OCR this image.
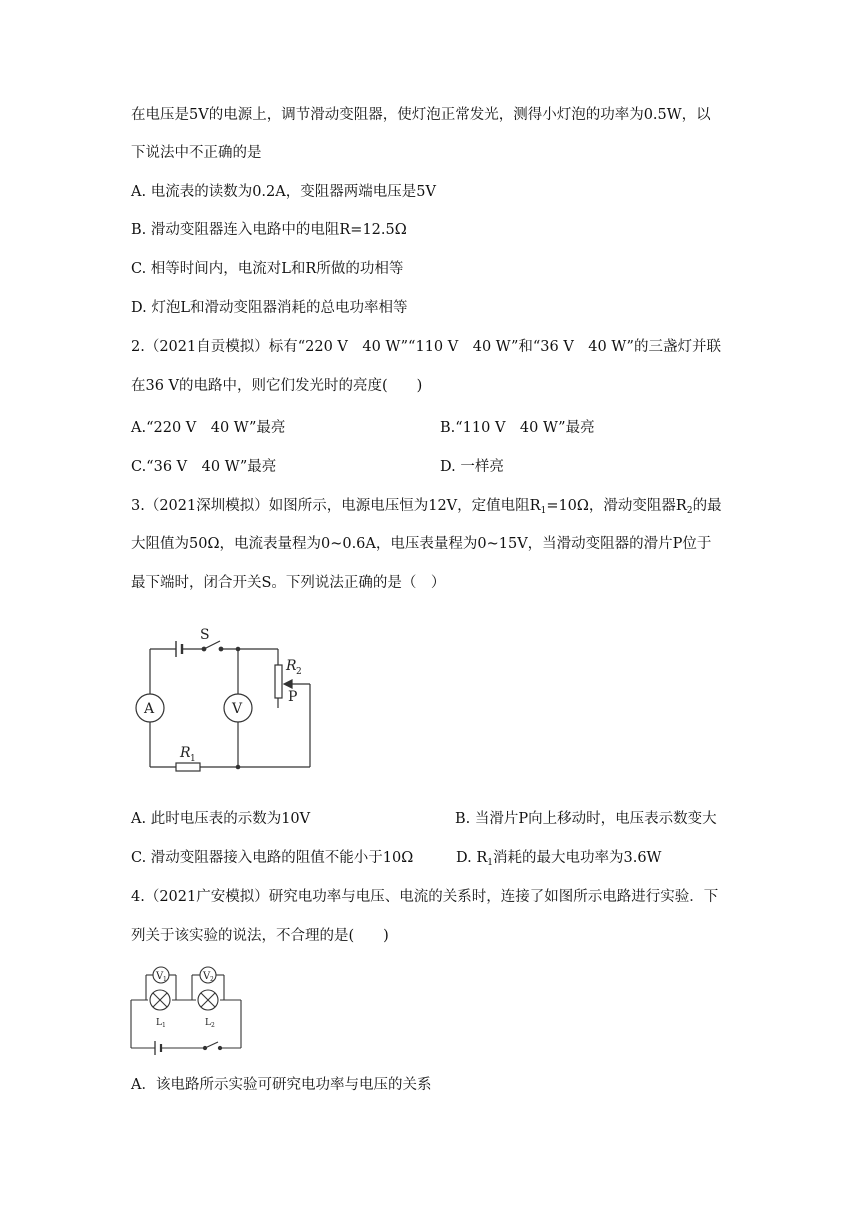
在电压是5V的电源上，调节滑动变阻器，使灯泡正常发光，测得小灯泡的功率为0.5W，以
下说法中不正确的是
A. 电流表的读数为0.2A，变阻器两端电压是5V
B. 滑动变阻器连入电路中的电阻R=12.5Ω
C. 相等时间内，电流对L和R所做的功相等
D. 灯泡L和滑动变阻器消耗的总电功率相等
2.（2021自贡模拟）标有“220 V　40 W”“110 V　40 W”和“36 V　40 W”的三盏灯并联
在36 V的电路中，则它们发光时的亮度(　　)
A.“220 V　40 W”最亮	B.“110 V　40 W”最亮
C.“36 V　40 W”最亮	D. 一样亮
3.（2021深圳模拟）如图所示，电源电压恒为12V，定值电阻$R_1=10\Omega$，滑动变阻器$R_2$的最
大阻值为50Ω，电流表量程为0~0.6A，电压表量程为0~15V，当滑动变阻器的滑片P位于
最下端时，闭合开关S。下列说法正确的是（　）
S
A	V
R 2
P
R 1
A. 此时电压表的示数为10V	B. 当滑片P向上移动时，电压表示数变大
C. 滑动变阻器接入电路的阻值不能小于10Ω	D. $R_1$消耗的最大电功率为3.6W
4.（2021广安模拟）研究电功率与电压、电流的关系时，连接了如图所示电路进行实验．下
列关于该实验的说法，不合理的是(　　)
V 1	V 2
L 1	L 2
A．该电路所示实验可研究电功率与电压的关系
